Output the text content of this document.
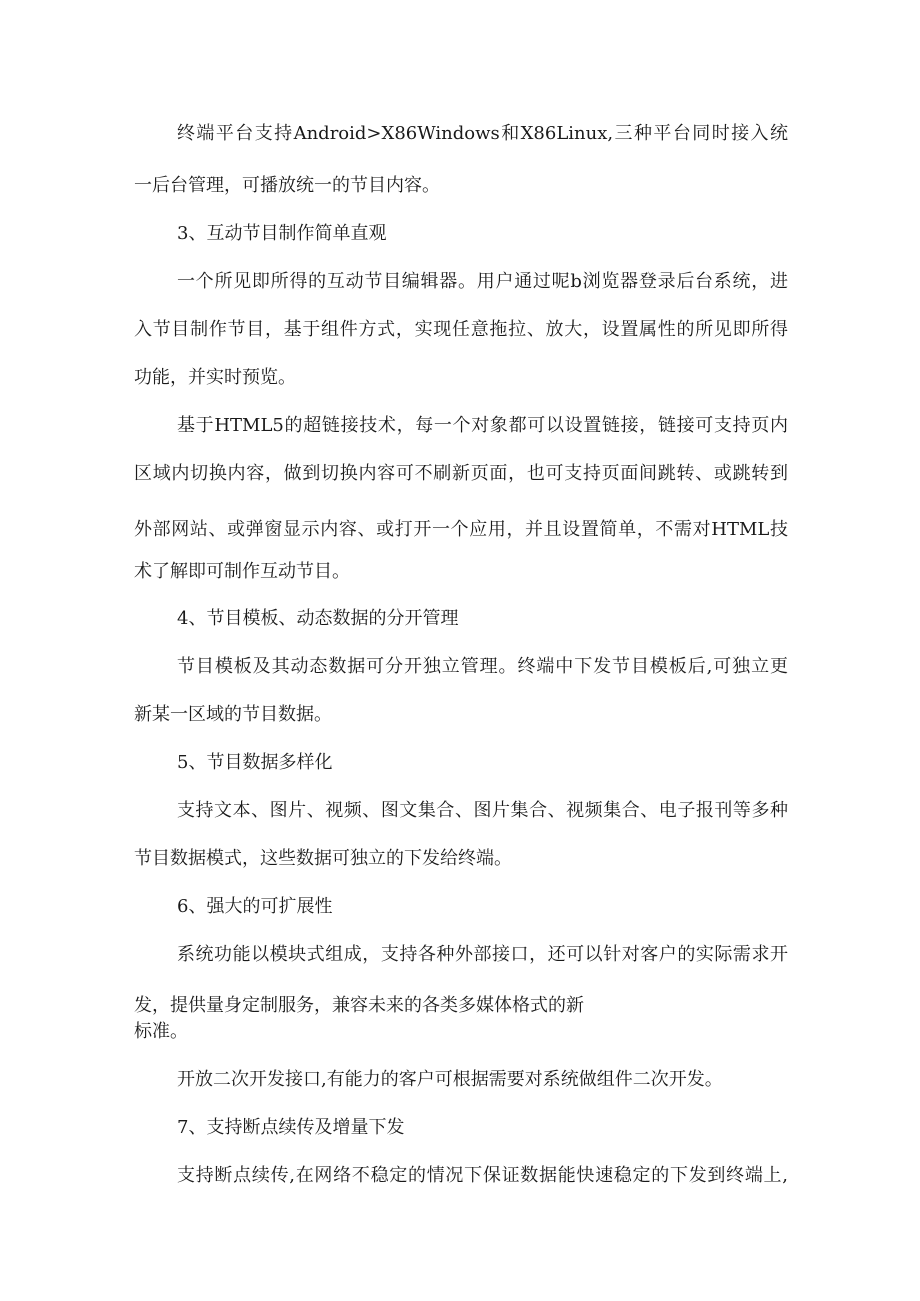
终端平台支持Android>X86Windows和X86Linux,三种平台同时接入统
一后台管理，可播放统一的节目内容。
3、互动节目制作简单直观
一个所见即所得的互动节目编辑器。用户通过呢b浏览器登录后台系统，进
入节目制作节目，基于组件方式，实现任意拖拉、放大，设置属性的所见即所得
功能，并实时预览。
基于HTML5的超链接技术，每一个对象都可以设置链接，链接可支持页内
区域内切换内容，做到切换内容可不刷新页面，也可支持页面间跳转、或跳转到
外部网站、或弹窗显示内容、或打开一个应用，并且设置简单，不需对HTML技
术了解即可制作互动节目。
4、节目模板、动态数据的分开管理
节目模板及其动态数据可分开独立管理。终端中下发节目模板后,可独立更
新某一区域的节目数据。
5、节目数据多样化
支持文本、图片、视频、图文集合、图片集合、视频集合、电子报刊等多种
节目数据模式，这些数据可独立的下发给终端。
6、强大的可扩展性
系统功能以模块式组成，支持各种外部接口，还可以针对客户的实际需求开
发，提供量身定制服务，兼容未来的各类多媒体格式的新
标准。
开放二次开发接口,有能力的客户可根据需要对系统做组件二次开发。
7、支持断点续传及增量下发
支持断点续传,在网络不稳定的情况下保证数据能快速稳定的下发到终端上,
